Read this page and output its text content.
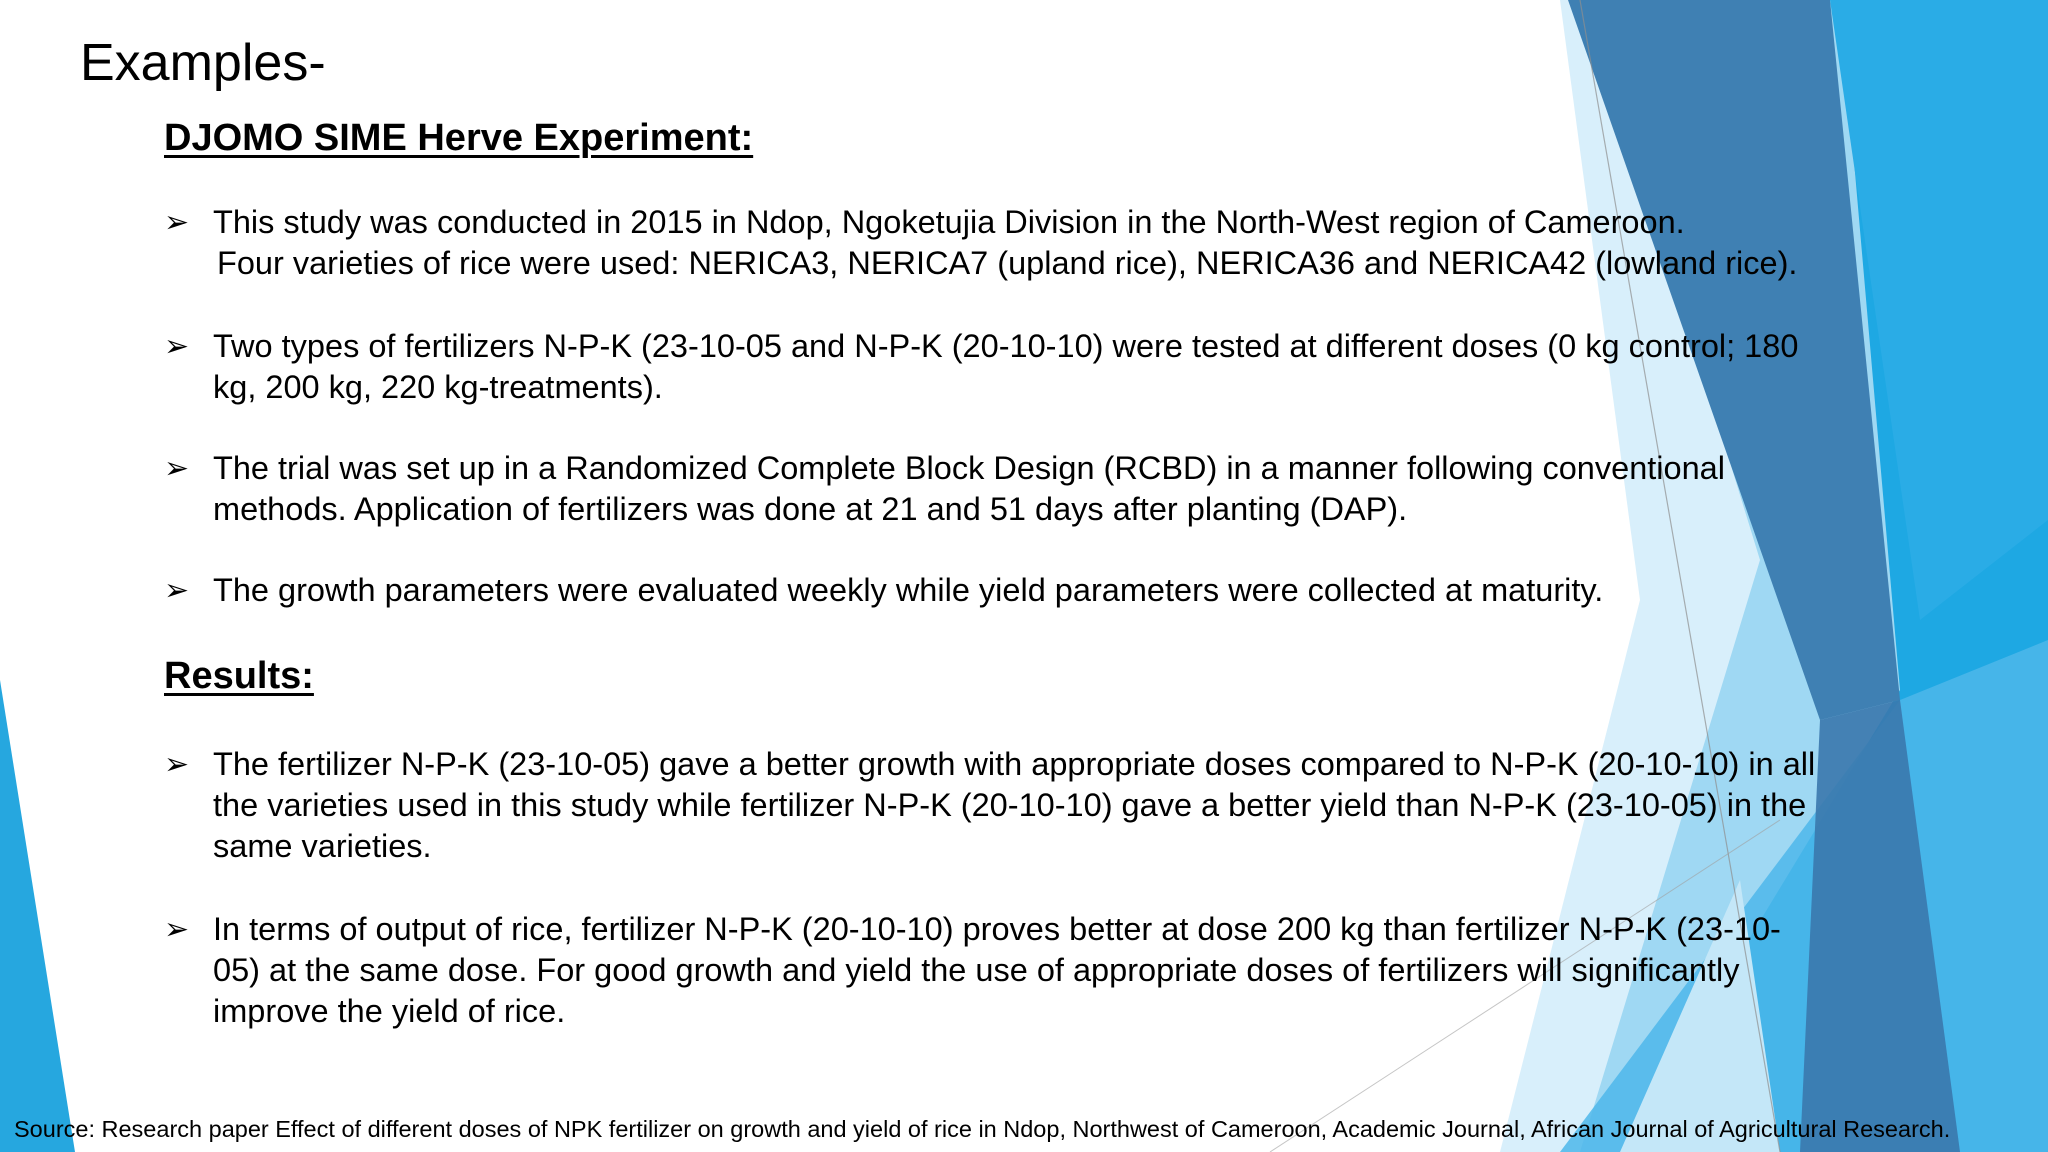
Examples-
DJOMO SIME Herve Experiment:
➢ This study was conducted in 2015 in Ndop, Ngoketujia Division in the North-West region of Cameroon.
Four varieties of rice were used: NERICA3, NERICA7 (upland rice), NERICA36 and NERICA42 (lowland rice).
➢ Two types of fertilizers N-P-K (23-10-05 and N-P-K (20-10-10) were tested at different doses (0 kg control; 180
kg, 200 kg, 220 kg-treatments).
➢ The trial was set up in a Randomized Complete Block Design (RCBD) in a manner following conventional
methods. Application of fertilizers was done at 21 and 51 days after planting (DAP).
➢ The growth parameters were evaluated weekly while yield parameters were collected at maturity.
Results:
➢ The fertilizer N-P-K (23-10-05) gave a better growth with appropriate doses compared to N-P-K (20-10-10) in all
the varieties used in this study while fertilizer N-P-K (20-10-10) gave a better yield than N-P-K (23-10-05) in the
same varieties.
➢ In terms of output of rice, fertilizer N-P-K (20-10-10) proves better at dose 200 kg than fertilizer N-P-K (23-10-
05) at the same dose. For good growth and yield the use of appropriate doses of fertilizers will significantly
improve the yield of rice.
Source: Research paper Effect of different doses of NPK fertilizer on growth and yield of rice in Ndop, Northwest of Cameroon, Academic Journal, African Journal of Agricultural Research.
